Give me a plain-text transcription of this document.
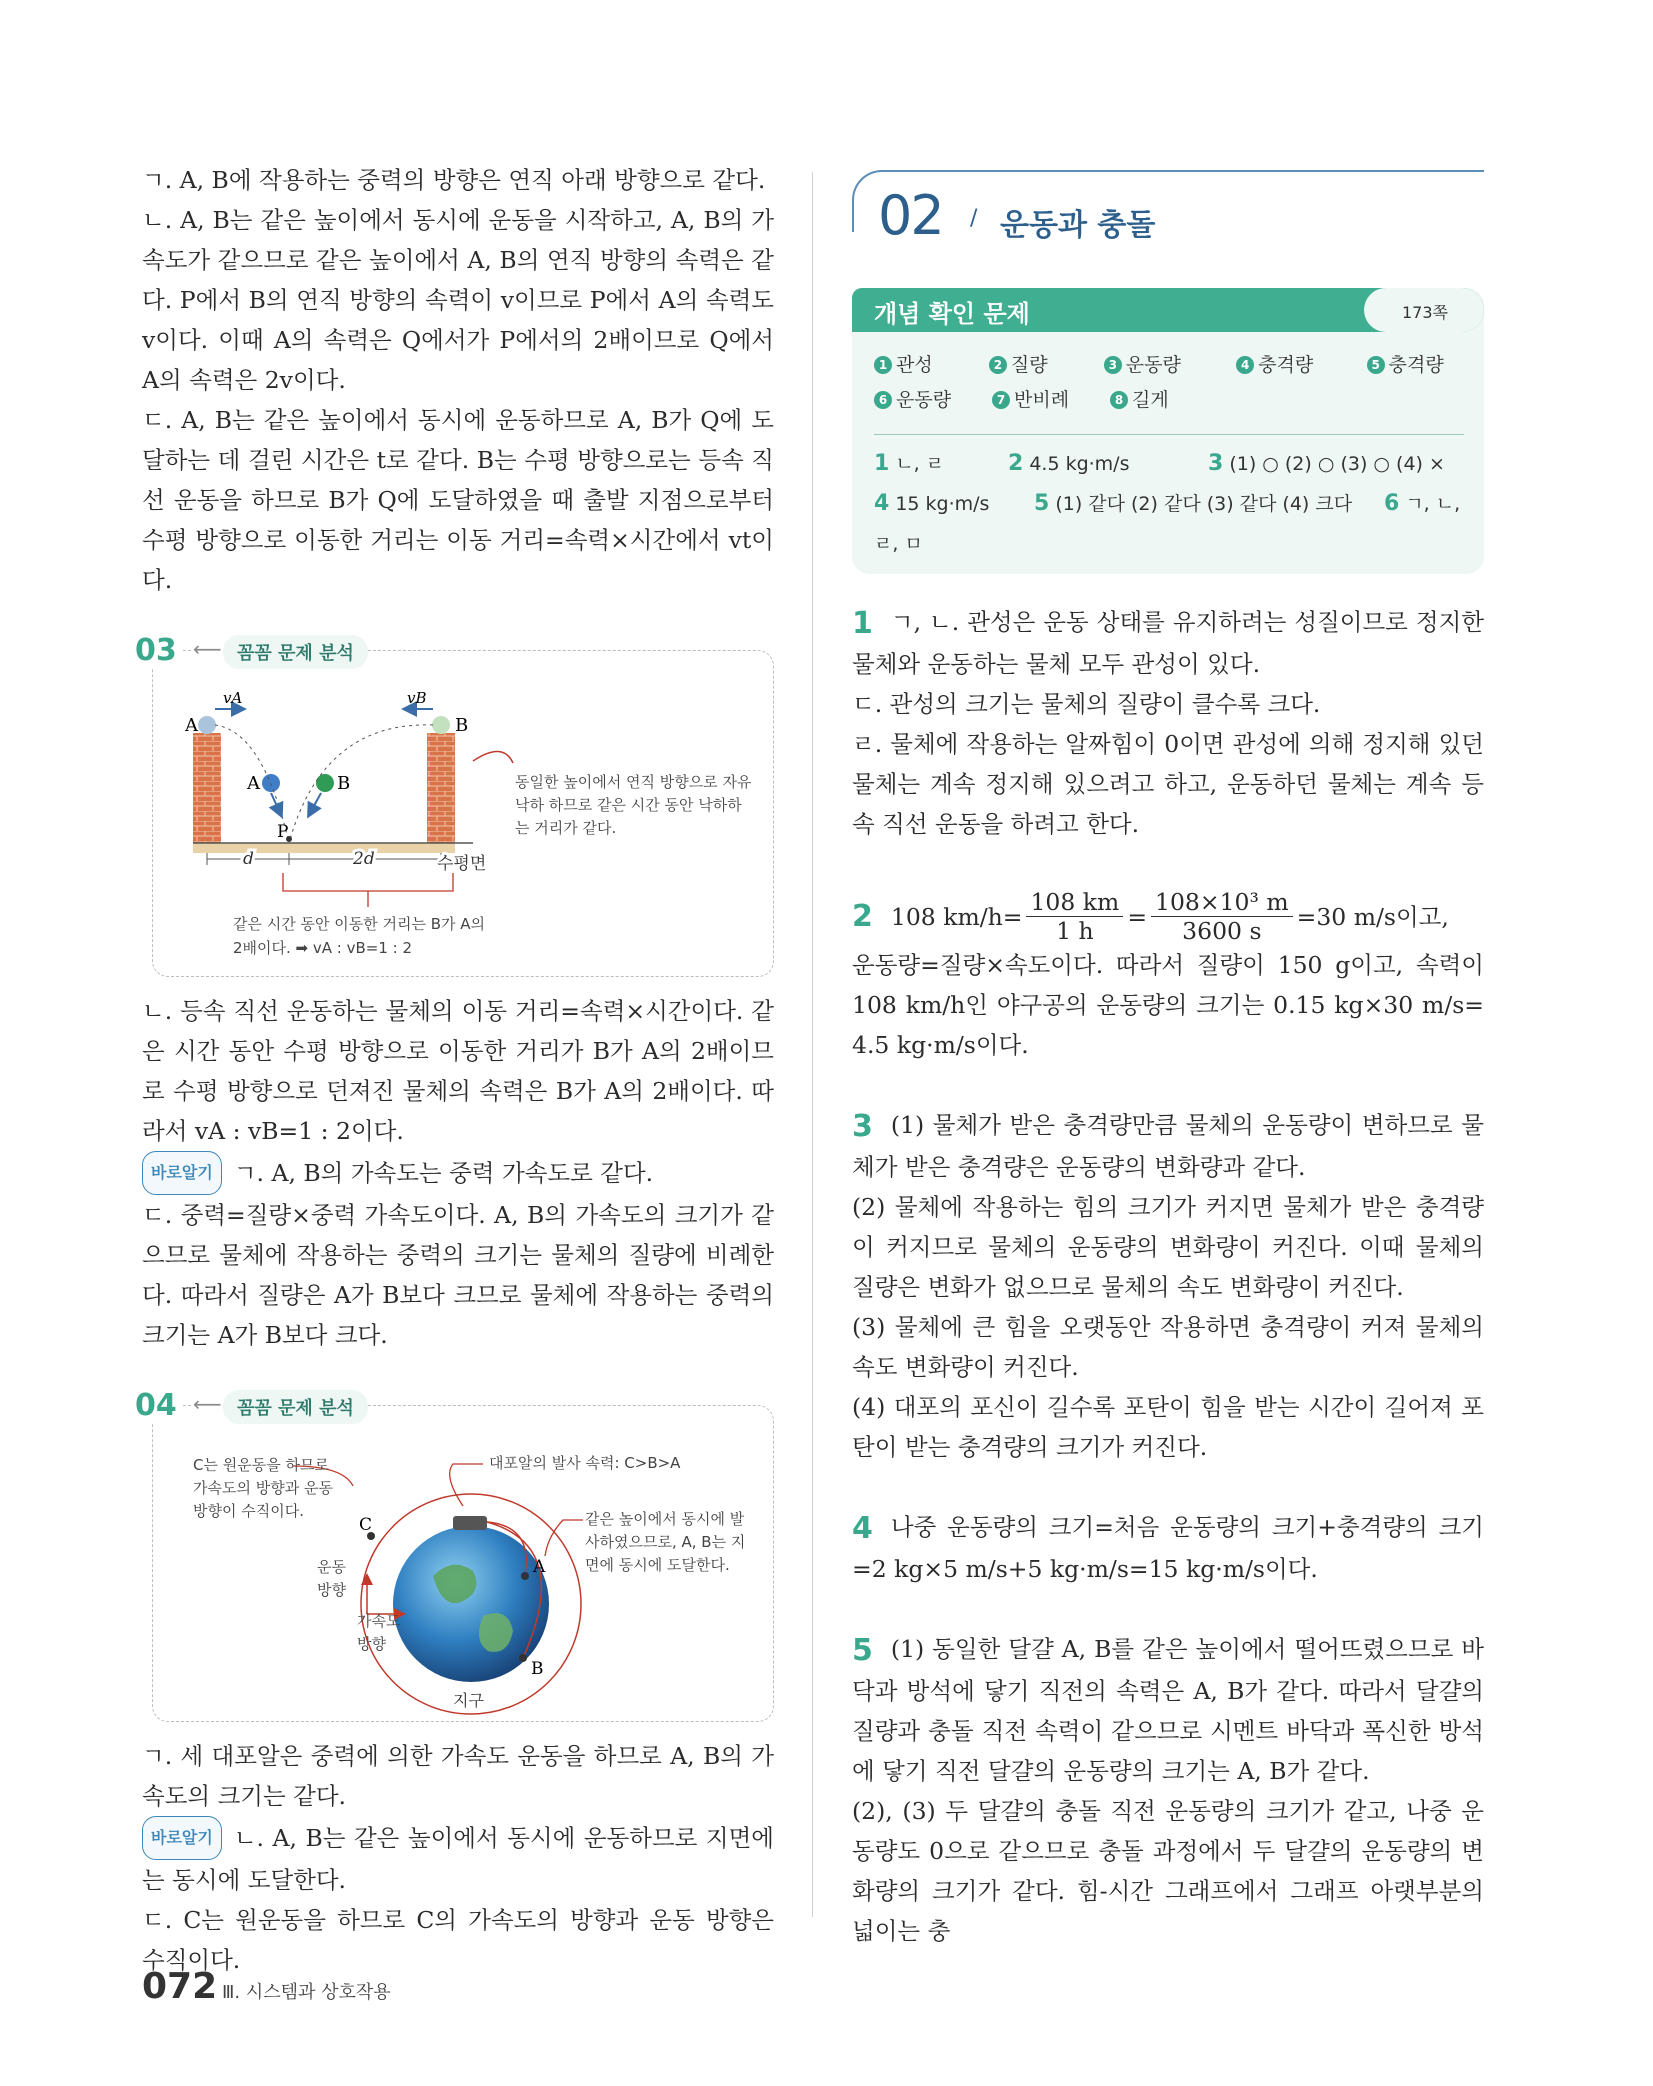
ㄱ. A, B에 작용하는 중력의 방향은 연직 아래 방향으로 같다.

ㄴ. A, B는 같은 높이에서 동시에 운동을 시작하고, A, B의 가속도가 같으므로 같은 높이에서 A, B의 연직 방향의 속력은 같다. P에서 B의 연직 방향의 속력이 v이므로 P에서 A의 속력도 v이다. 이때 A의 속력은 Q에서가 P에서의 2배이므로 Q에서 A의 속력은 2v이다.

ㄷ. A, B는 같은 높이에서 동시에 운동하므로 A, B가 Q에 도달하는 데 걸린 시간은 t로 같다. B는 수평 방향으로는 등속 직선 운동을 하므로 B가 Q에 도달하였을 때 출발 지점으로부터 수평 방향으로 이동한 거리는 이동 거리=속력×시간에서 vt이다.

03 ⟵ 꼼꼼 문제 분석
A	B
A	B
P
vA	vB
d	2d	수평면
동일한 높이에서 연직 방향으로 자유낙하 하므로 같은 시간 동안 낙하하는 거리가 같다.
같은 시간 동안 이동한 거리는 B가 A의
2배이다. ➡ vA : vB=1 : 2

ㄴ. 등속 직선 운동하는 물체의 이동 거리=속력×시간이다. 같은 시간 동안 수평 방향으로 이동한 거리가 B가 A의 2배이므로 수평 방향으로 던져진 물체의 속력은 B가 A의 2배이다. 따라서 vA : vB=1 : 2이다.

바로알기 ㄱ. A, B의 가속도는 중력 가속도로 같다.

ㄷ. 중력=질량×중력 가속도이다. A, B의 가속도의 크기가 같으므로 물체에 작용하는 중력의 크기는 물체의 질량에 비례한다. 따라서 질량은 A가 B보다 크므로 물체에 작용하는 중력의 크기는 A가 B보다 크다.

04 ⟵ 꼼꼼 문제 분석
C
A
B
지구
C는 원운동을 하므로 가속도의 방향과 운동 방향이 수직이다.
대포알의 발사 속력: C>B>A
같은 높이에서 동시에 발사하였으므로, A, B는 지면에 동시에 도달한다.
운동 방향
가속도 방향

ㄱ. 세 대포알은 중력에 의한 가속도 운동을 하므로 A, B의 가속도의 크기는 같다.

바로알기 ㄴ. A, B는 같은 높이에서 동시에 운동하므로 지면에 는 동시에 도달한다.

ㄷ. C는 원운동을 하므로 C의 가속도의 방향과 운동 방향은 수직이다.

02 / 운동과 충돌
개념 확인 문제	173쪽
1 관성	2 질량	3 운동량	4 충격량	5 충격량
6 운동량	7 반비례	8 길게
1 ㄴ, ㄹ	2 4.5 kg·m/s	3 (1) ○ (2) ○ (3) ○ (4) ×
4 15 kg·m/s	5 (1) 같다 (2) 같다 (3) 같다 (4) 크다	6 ㄱ, ㄴ,
ㄹ, ㅁ

1 ㄱ, ㄴ. 관성은 운동 상태를 유지하려는 성질이므로 정지한 물체와 운동하는 물체 모두 관성이 있다.

ㄷ. 관성의 크기는 물체의 질량이 클수록 크다.

ㄹ. 물체에 작용하는 알짜힘이 0이면 관성에 의해 정지해 있던 물체는 계속 정지해 있으려고 하고, 운동하던 물체는 계속 등속 직선 운동을 하려고 한다.

2 108 $km/h= \frac{108 km}{1 h} = \frac{\text{108×10³ m}}{3600 s} =30$ m/s이고,

운동량=질량×속도이다. 따라서 질량이 150 g이고, 속력이 108 km/h인 야구공의 운동량의 크기는 0.15 kg×30 m/s= 4.5 kg·m/s이다.

3 (1) 물체가 받은 충격량만큼 물체의 운동량이 변하므로 물체가 받은 충격량은 운동량의 변화량과 같다.

(2) 물체에 작용하는 힘의 크기가 커지면 물체가 받은 충격량이 커지므로 물체의 운동량의 변화량이 커진다. 이때 물체의 질량은 변화가 없으므로 물체의 속도 변화량이 커진다.

(3) 물체에 큰 힘을 오랫동안 작용하면 충격량이 커져 물체의 속도 변화량이 커진다.

(4) 대포의 포신이 길수록 포탄이 힘을 받는 시간이 길어져 포탄이 받는 충격량의 크기가 커진다.

4 나중 운동량의 크기=처음 운동량의 크기+충격량의 크기 =2 kg×5 m/s+5 kg·m/s=15 kg·m/s이다.

5 (1) 동일한 달걀 A, B를 같은 높이에서 떨어뜨렸으므로 바닥과 방석에 닿기 직전의 속력은 A, B가 같다. 따라서 달걀의 질량과 충돌 직전 속력이 같으므로 시멘트 바닥과 폭신한 방석에 닿기 직전 달걀의 운동량의 크기는 A, B가 같다.

(2), (3) 두 달걀의 충돌 직전 운동량의 크기가 같고, 나중 운동량도 0으로 같으므로 충돌 과정에서 두 달걀의 운동량의 변화량의 크기가 같다. 힘-시간 그래프에서 그래프 아랫부분의 넓이는 충

072 Ⅲ. 시스템과 상호작용
